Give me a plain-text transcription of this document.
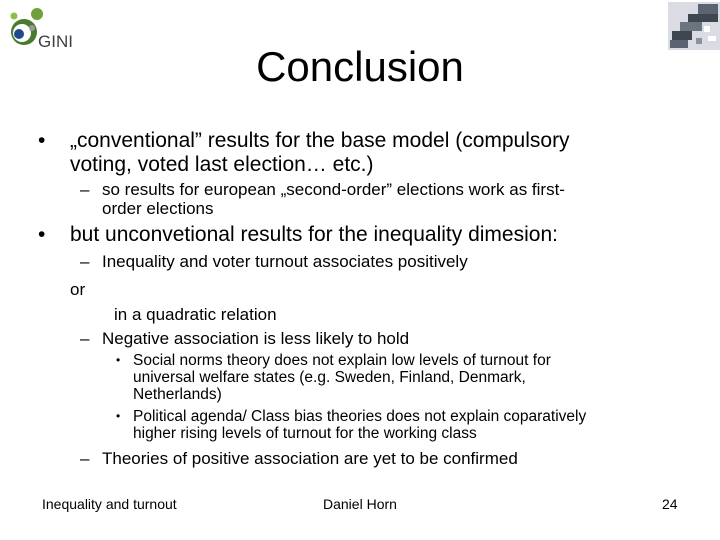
GINI
Conclusion
• „conventional” results for the base model (compulsory
voting, voted last election… etc.)
– so results for european „second-order” elections work as first-
order elections
• but unconvetional results for the inequality dimesion:
– Inequality and voter turnout associates positively
or
in a quadratic relation
– Negative association is less likely to hold
• Social norms theory does not explain low levels of turnout for
universal welfare states (e.g. Sweden, Finland, Denmark,
Netherlands)
• Political agenda/ Class bias theories does not explain coparatively
higher rising levels of turnout for the working class
– Theories of positive association are yet to be confirmed
Inequality and turnout	Daniel Horn	24
